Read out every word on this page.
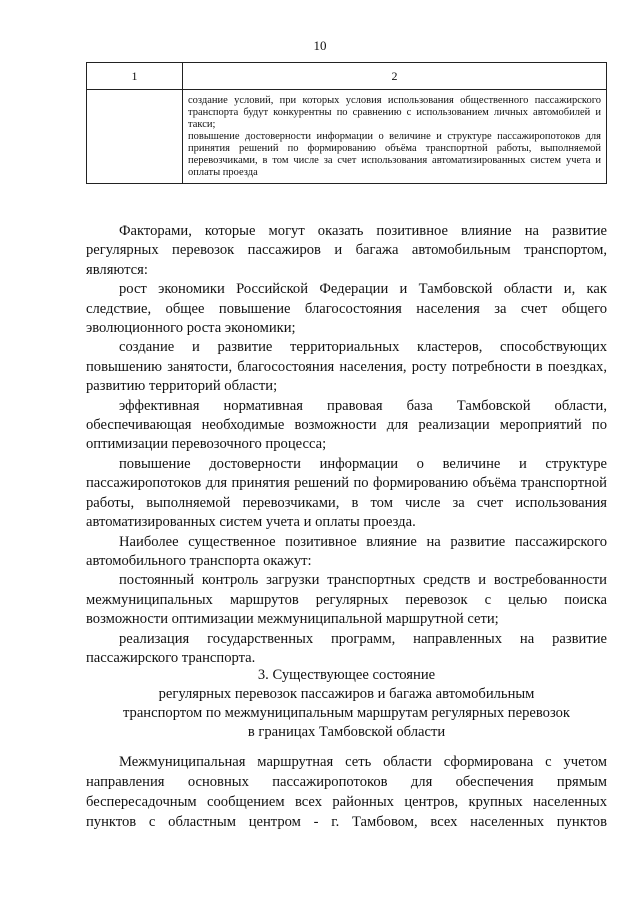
10
1	2

	создание условий, при которых условия использования общественного пассажирского транспорта будут конкурентны по сравнению с использованием личных автомобилей и такси;

повышение достоверности информации о величине и структуре пассажиропотоков для принятия решений по формированию объёма транспортной работы, выполняемой перевозчиками, в том числе за счет использования автоматизированных систем учета и оплаты проезда

Факторами, которые могут оказать позитивное влияние на развитие регулярных перевозок пассажиров и багажа автомобильным транспортом, являются:

рост экономики Российской Федерации и Тамбовской области и, как следствие, общее повышение благосостояния населения за счет общего эволюционного роста экономики;

создание и развитие территориальных кластеров, способствующих повышению занятости, благосостояния населения, росту потребности в поездках, развитию территорий области;

эффективная нормативная правовая база Тамбовской области, обеспечивающая необходимые возможности для реализации мероприятий по оптимизации перевозочного процесса;

повышение достоверности информации о величине и структуре пассажиропотоков для принятия решений по формированию объёма транспортной работы, выполняемой перевозчиками, в том числе за счет использования автоматизированных систем учета и оплаты проезда.

Наиболее существенное позитивное влияние на развитие пассажирского автомобильного транспорта окажут:

постоянный контроль загрузки транспортных средств и востребованности межмуниципальных маршрутов регулярных перевозок с целью поиска возможности оптимизации межмуниципальной маршрутной сети;

реализация государственных программ, направленных на развитие пассажирского транспорта.

3. Существующее состояние
регулярных перевозок пассажиров и багажа автомобильным
транспортом по межмуниципальным маршрутам регулярных перевозок
в границах Тамбовской области

Межмуниципальная маршрутная сеть области сформирована с учетом направления основных пассажиропотоков для обеспечения прямым беспересадочным сообщением всех районных центров, крупных населенных пунктов с областным центром - г. Тамбовом, всех населенных пунктов
